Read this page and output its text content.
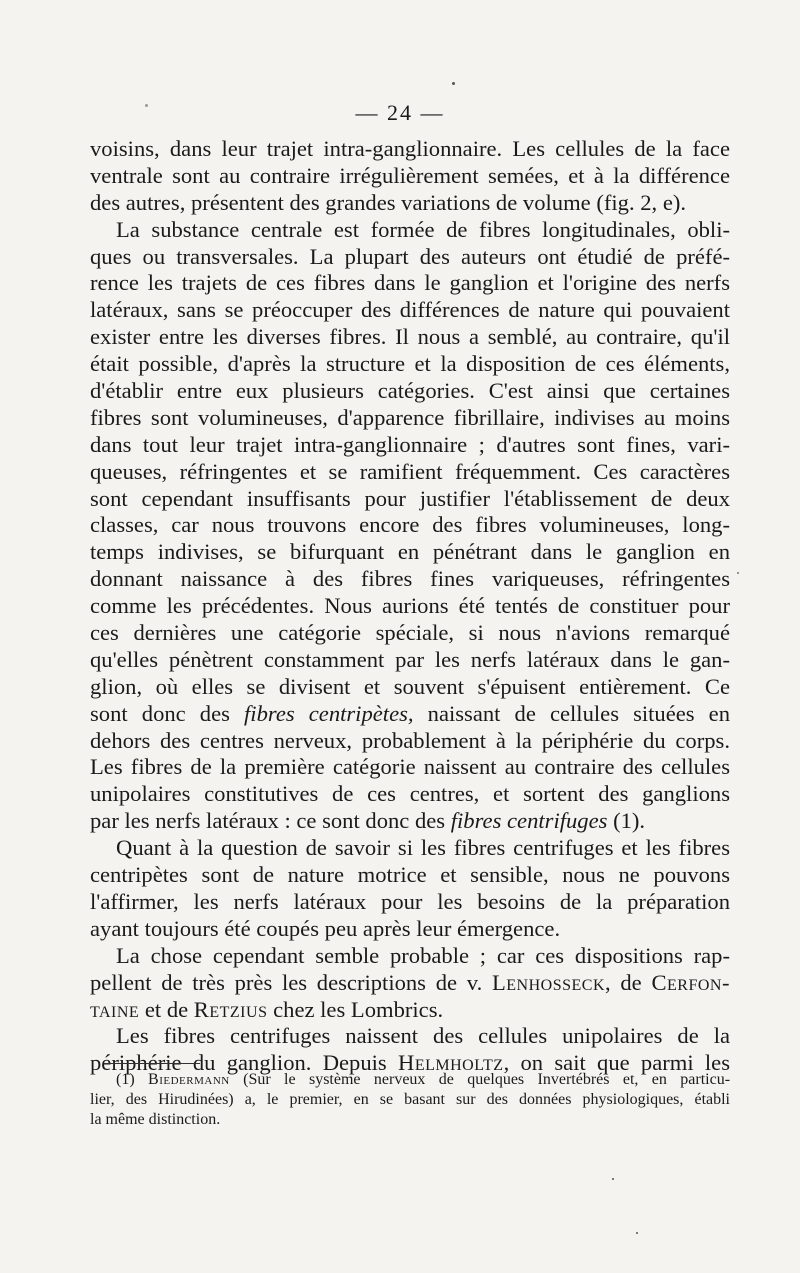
— 24 —
voisins, dans leur trajet intra-ganglionnaire. Les cellules de la face
ventrale sont au contraire irrégulièrement semées, et à la différence
des autres, présentent des grandes variations de volume (fig. 2, e).
La substance centrale est formée de fibres longitudinales, obli-
ques ou transversales. La plupart des auteurs ont étudié de préfé-
rence les trajets de ces fibres dans le ganglion et l'origine des nerfs
latéraux, sans se préoccuper des différences de nature qui pouvaient
exister entre les diverses fibres. Il nous a semblé, au contraire, qu'il
était possible, d'après la structure et la disposition de ces éléments,
d'établir entre eux plusieurs catégories. C'est ainsi que certaines
fibres sont volumineuses, d'apparence fibrillaire, indivises au moins
dans tout leur trajet intra-ganglionnaire ; d'autres sont fines, vari-
queuses, réfringentes et se ramifient fréquemment. Ces caractères
sont cependant insuffisants pour justifier l'établissement de deux
classes, car nous trouvons encore des fibres volumineuses, long-
temps indivises, se bifurquant en pénétrant dans le ganglion en
donnant naissance à des fibres fines variqueuses, réfringentes
comme les précédentes. Nous aurions été tentés de constituer pour
ces dernières une catégorie spéciale, si nous n'avions remarqué
qu'elles pénètrent constamment par les nerfs latéraux dans le gan-
glion, où elles se divisent et souvent s'épuisent entièrement. Ce
sont donc des fibres centripètes, naissant de cellules situées en
dehors des centres nerveux, probablement à la périphérie du corps.
Les fibres de la première catégorie naissent au contraire des cellules
unipolaires constitutives de ces centres, et sortent des ganglions
par les nerfs latéraux : ce sont donc des fibres centrifuges (1).
Quant à la question de savoir si les fibres centrifuges et les fibres
centripètes sont de nature motrice et sensible, nous ne pouvons
l'affirmer, les nerfs latéraux pour les besoins de la préparation
ayant toujours été coupés peu après leur émergence.
La chose cependant semble probable ; car ces dispositions rap-
pellent de très près les descriptions de v. Lenhosseck, de Cerfon-
taine et de Retzius chez les Lombrics.
Les fibres centrifuges naissent des cellules unipolaires de la
périphérie du ganglion. Depuis Helmholtz, on sait que parmi les
(1) Biedermann (Sur le système nerveux de quelques Invertébrés et, en particu-
lier, des Hirudinées) a, le premier, en se basant sur des données physiologiques, établi
la même distinction.
